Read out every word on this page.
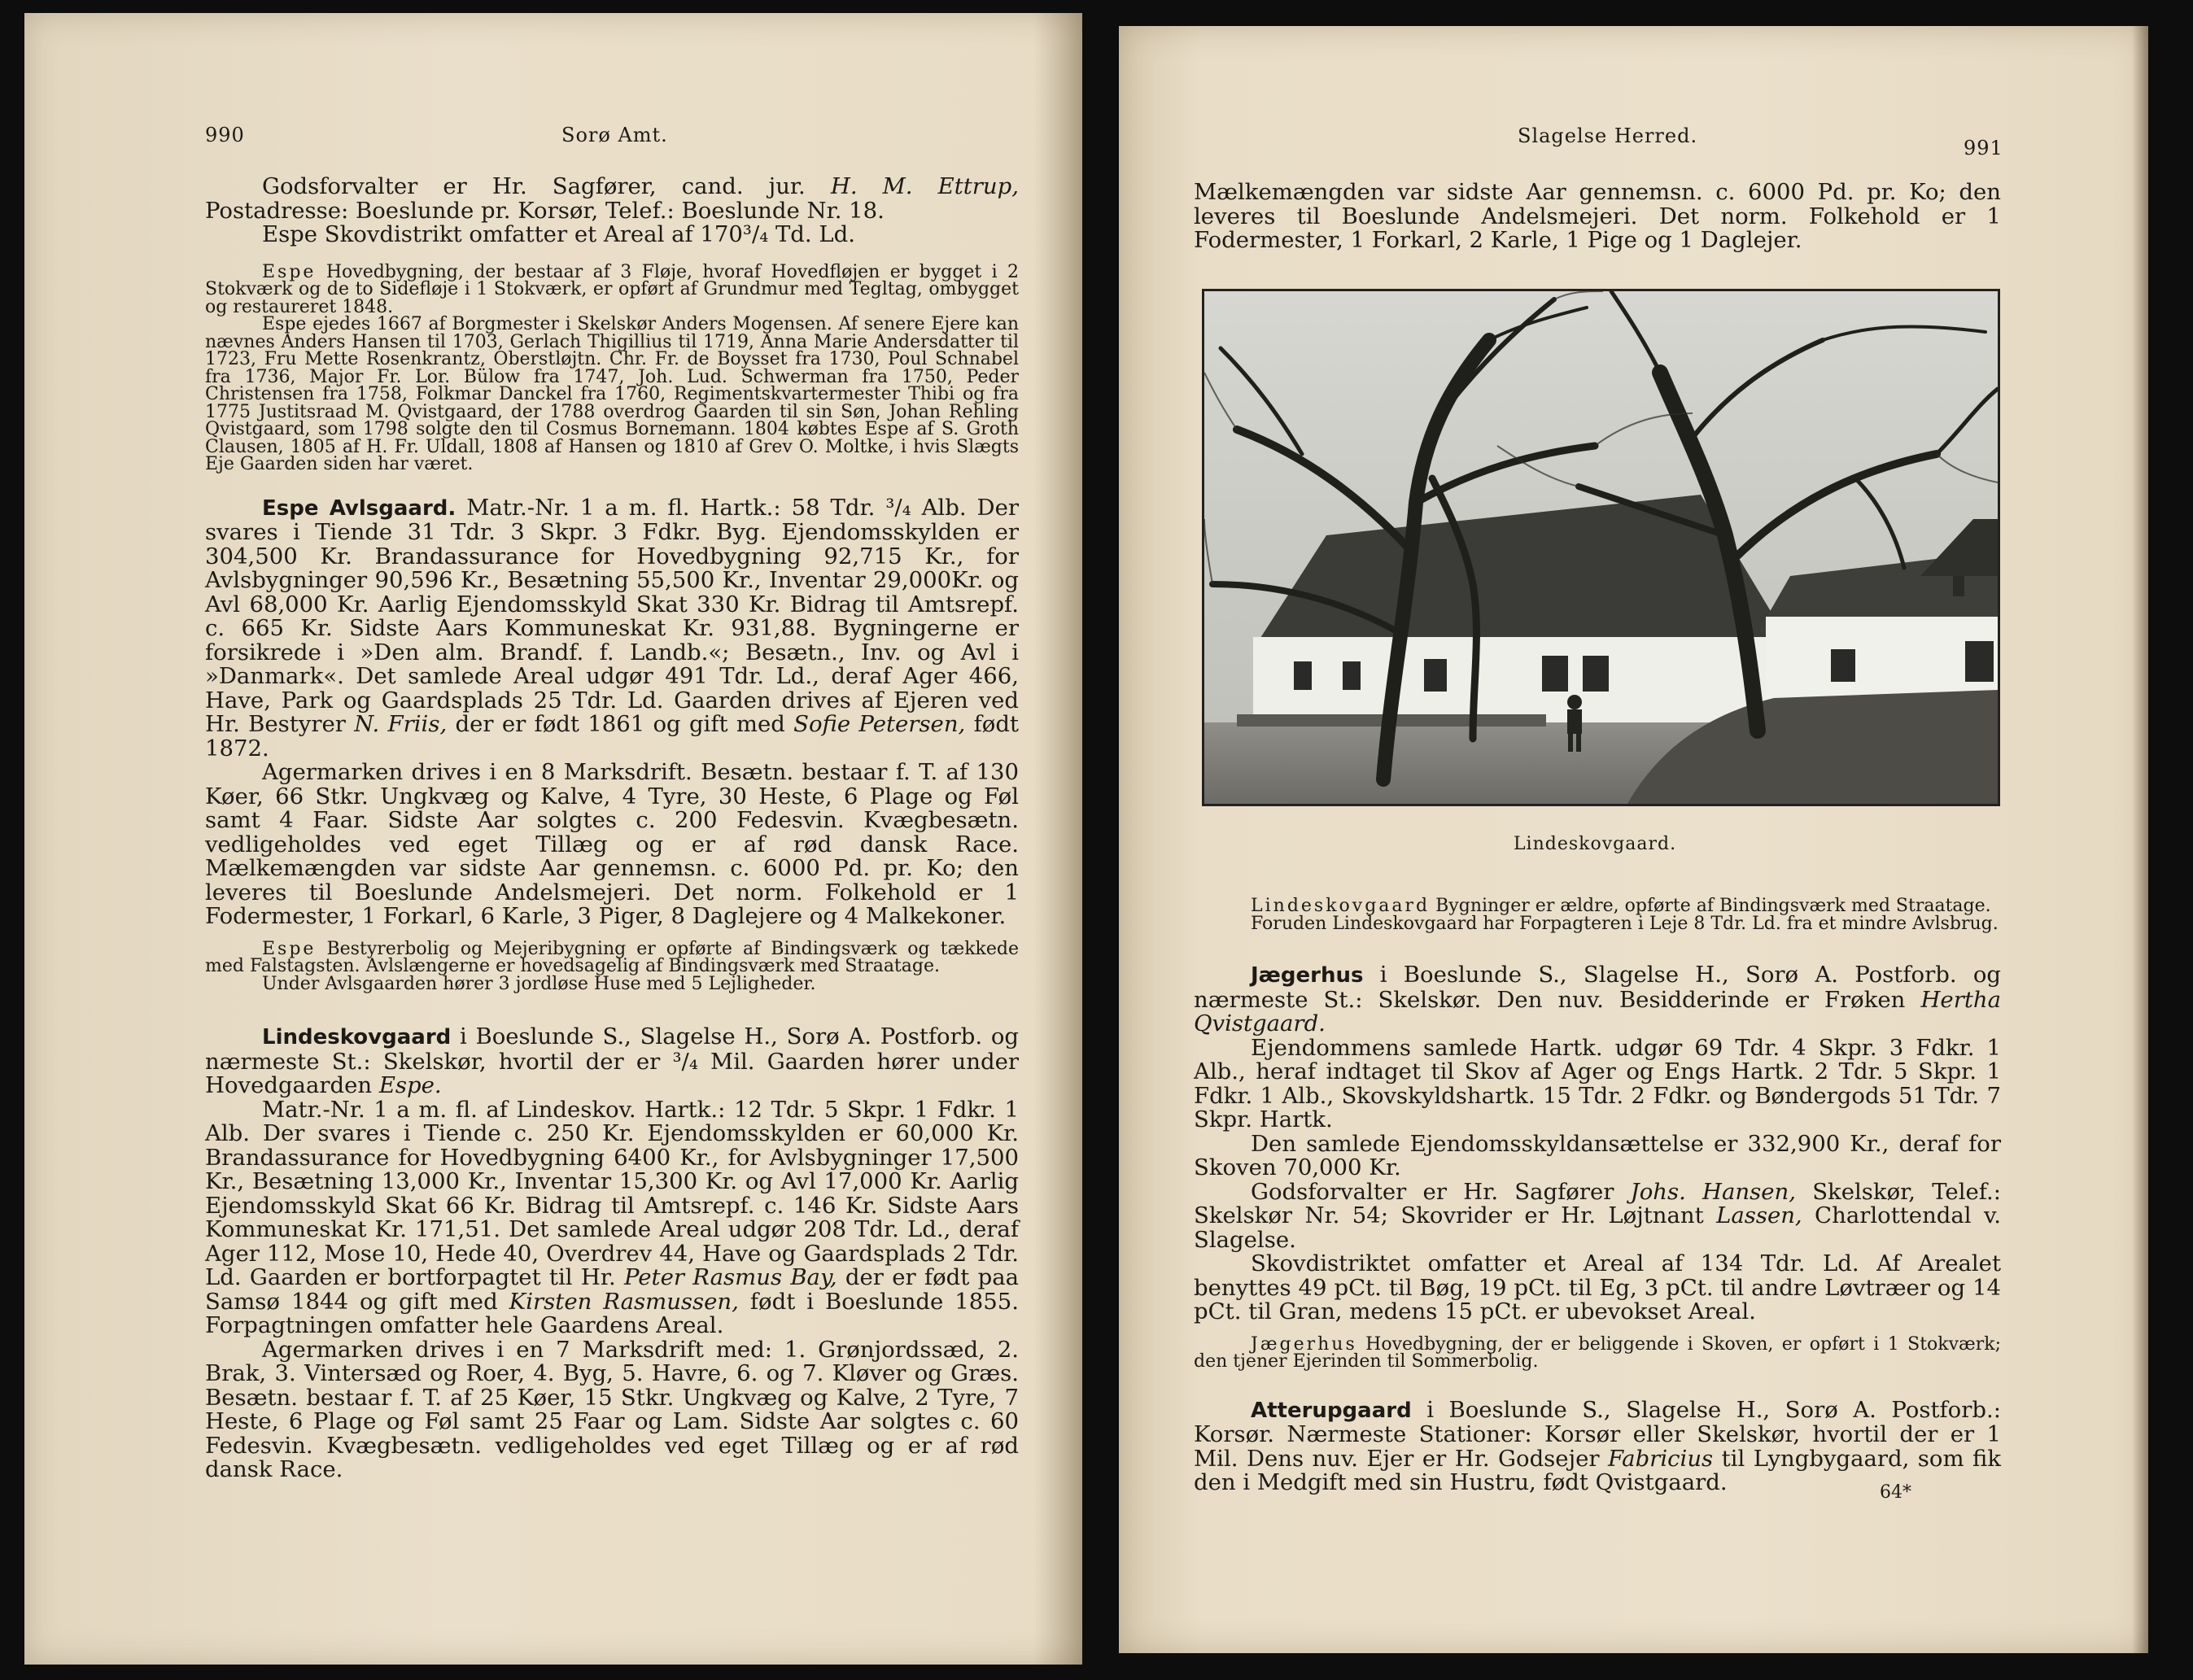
990	Sorø Amt.

Godsforvalter er Hr. Sagfører, cand. jur. H. M. Ettrup, Postadresse: Boeslunde pr. Korsør, Telef.: Boeslunde Nr. 18.

Espe Skovdistrikt omfatter et Areal af 170³/₄ Td. Ld.

Espe Hovedbygning, der bestaar af 3 Fløje, hvoraf Hovedfløjen er bygget i 2 Stokværk og de to Sidefløje i 1 Stokværk, er opført af Grundmur med Tegltag, ombygget og restaureret 1848.

Espe ejedes 1667 af Borgmester i Skelskør Anders Mogensen. Af senere Ejere kan nævnes Anders Hansen til 1703, Gerlach Thigillius til 1719, Anna Marie Andersdatter til 1723, Fru Mette Rosenkrantz, Oberstløjtn. Chr. Fr. de Boysset fra 1730, Poul Schnabel fra 1736, Major Fr. Lor. Bülow fra 1747, Joh. Lud. Schwerman fra 1750, Peder Christensen fra 1758, Folkmar Danckel fra 1760, Regimentskvartermester Thibi og fra 1775 Justitsraad M. Qvistgaard, der 1788 overdrog Gaarden til sin Søn, Johan Rehling Qvistgaard, som 1798 solgte den til Cosmus Bornemann. 1804 købtes Espe af S. Groth Clausen, 1805 af H. Fr. Uldall, 1808 af Hansen og 1810 af Grev O. Moltke, i hvis Slægts Eje Gaarden siden har været.

Espe Avlsgaard. Matr.-Nr. 1 a m. fl. Hartk.: 58 Tdr. ³/₄ Alb. Der svares i Tiende 31 Tdr. 3 Skpr. 3 Fdkr. Byg. Ejendomsskylden er 304,500 Kr. Brandassurance for Hovedbygning 92,715 Kr., for Avlsbygninger 90,596 Kr., Besætning 55,500 Kr., Inventar 29,000Kr. og Avl 68,000 Kr. Aarlig Ejendomsskyld Skat 330 Kr. Bidrag til Amtsrepf. c. 665 Kr. Sidste Aars Kommuneskat Kr. 931,88. Bygningerne er forsikrede i »Den alm. Brandf. f. Landb.«; Besætn., Inv. og Avl i »Danmark«. Det samlede Areal udgør 491 Tdr. Ld., deraf Ager 466, Have, Park og Gaardsplads 25 Tdr. Ld. Gaarden drives af Ejeren ved Hr. Bestyrer N. Friis, der er født 1861 og gift med Sofie Petersen, født 1872.

Agermarken drives i en 8 Marksdrift. Besætn. bestaar f. T. af 130 Køer, 66 Stkr. Ungkvæg og Kalve, 4 Tyre, 30 Heste, 6 Plage og Føl samt 4 Faar. Sidste Aar solgtes c. 200 Fedesvin. Kvægbesætn. vedligeholdes ved eget Tillæg og er af rød dansk Race. Mælkemængden var sidste Aar gennemsn. c. 6000 Pd. pr. Ko; den leveres til Boeslunde Andelsmejeri. Det norm. Folkehold er 1 Fodermester, 1 Forkarl, 6 Karle, 3 Piger, 8 Daglejere og 4 Malkekoner.

Espe Bestyrerbolig og Mejeribygning er opførte af Bindingsværk og tækkede med Falstagsten. Avlslængerne er hovedsagelig af Bindingsværk med Straatage.

Under Avlsgaarden hører 3 jordløse Huse med 5 Lejligheder.

Lindeskovgaard i Boeslunde S., Slagelse H., Sorø A. Postforb. og nærmeste St.: Skelskør, hvortil der er ³/₄ Mil. Gaarden hører under Hovedgaarden Espe.

Matr.-Nr. 1 a m. fl. af Lindeskov. Hartk.: 12 Tdr. 5 Skpr. 1 Fdkr. 1 Alb. Der svares i Tiende c. 250 Kr. Ejendomsskylden er 60,000 Kr. Brandassurance for Hovedbygning 6400 Kr., for Avlsbygninger 17,500 Kr., Besætning 13,000 Kr., Inventar 15,300 Kr. og Avl 17,000 Kr. Aarlig Ejendomsskyld Skat 66 Kr. Bidrag til Amtsrepf. c. 146 Kr. Sidste Aars Kommuneskat Kr. 171,51. Det samlede Areal udgør 208 Tdr. Ld., deraf Ager 112, Mose 10, Hede 40, Overdrev 44, Have og Gaardsplads 2 Tdr. Ld. Gaarden er bortforpagtet til Hr. Peter Rasmus Bay, der er født paa Samsø 1844 og gift med Kirsten Rasmussen, født i Boeslunde 1855. Forpagtningen omfatter hele Gaardens Areal.

Agermarken drives i en 7 Marksdrift med: 1. Grønjordssæd, 2. Brak, 3. Vintersæd og Roer, 4. Byg, 5. Havre, 6. og 7. Kløver og Græs. Besætn. bestaar f. T. af 25 Køer, 15 Stkr. Ungkvæg og Kalve, 2 Tyre, 7 Heste, 6 Plage og Føl samt 25 Faar og Lam. Sidste Aar solgtes c. 60 Fedesvin. Kvægbesætn. vedligeholdes ved eget Tillæg og er af rød dansk Race.

Slagelse Herred.
991

Mælkemængden var sidste Aar gennemsn. c. 6000 Pd. pr. Ko; den leveres til Boeslunde Andelsmejeri. Det norm. Folkehold er 1 Fodermester, 1 Forkarl, 2 Karle, 1 Pige og 1 Daglejer.

Lindeskovgaard.

Lindeskovgaard Bygninger er ældre, opførte af Bindingsværk med Straatage.

Foruden Lindeskovgaard har Forpagteren i Leje 8 Tdr. Ld. fra et mindre Avlsbrug.

Jægerhus i Boeslunde S., Slagelse H., Sorø A. Postforb. og nærmeste St.: Skelskør. Den nuv. Besidderinde er Frøken Hertha Qvistgaard.

Ejendommens samlede Hartk. udgør 69 Tdr. 4 Skpr. 3 Fdkr. 1 Alb., heraf indtaget til Skov af Ager og Engs Hartk. 2 Tdr. 5 Skpr. 1 Fdkr. 1 Alb., Skovskyldshartk. 15 Tdr. 2 Fdkr. og Bøndergods 51 Tdr. 7 Skpr. Hartk.

Den samlede Ejendomsskyldansættelse er 332,900 Kr., deraf for Skoven 70,000 Kr.

Godsforvalter er Hr. Sagfører Johs. Hansen, Skelskør, Telef.: Skelskør Nr. 54; Skovrider er Hr. Løjtnant Lassen, Charlottendal v. Slagelse.

Skovdistriktet omfatter et Areal af 134 Tdr. Ld. Af Arealet benyttes 49 pCt. til Bøg, 19 pCt. til Eg, 3 pCt. til andre Løvtræer og 14 pCt. til Gran, medens 15 pCt. er ubevokset Areal.

Jægerhus Hovedbygning, der er beliggende i Skoven, er opført i 1 Stokværk; den tjener Ejerinden til Sommerbolig.

Atterupgaard i Boeslunde S., Slagelse H., Sorø A. Postforb.: Korsør. Nærmeste Stationer: Korsør eller Skelskør, hvortil der er 1 Mil. Dens nuv. Ejer er Hr. Godsejer Fabricius til Lyngbygaard, som fik den i Medgift med sin Hustru, født Qvistgaard.	64*
